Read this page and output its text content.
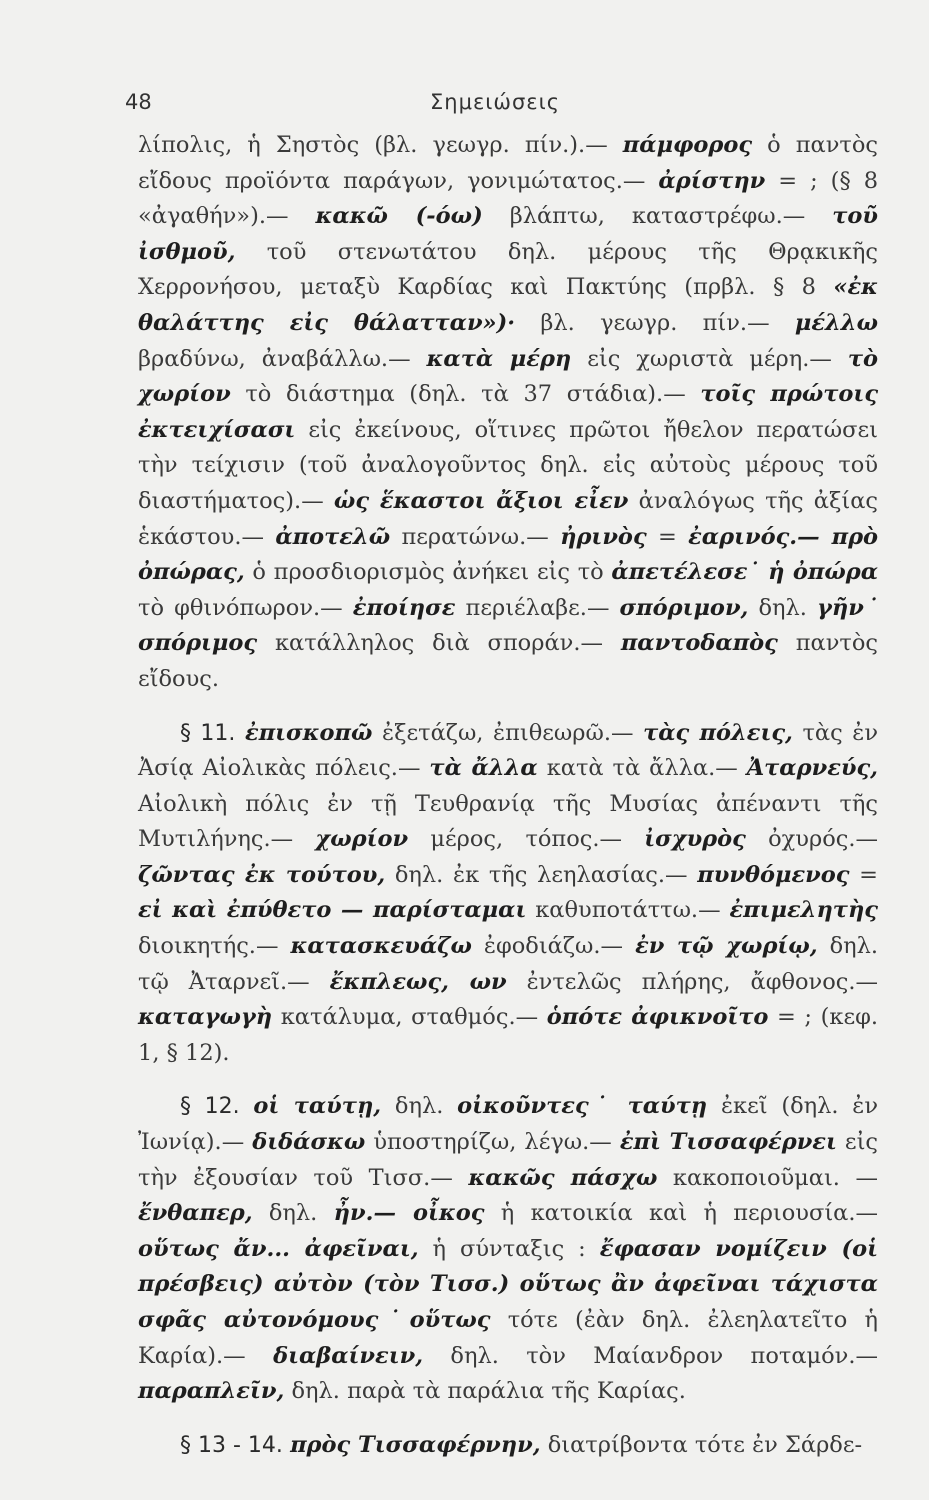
48	Σημειώσεις

λίπολις, ἡ Σηστὸς (βλ. γεωγρ. πίν.).— πάμφορος ὁ παντὸς εἴδους προϊόντα παράγων, γονιμώτατος.— ἀρίστην = ; (§ 8 «ἀγαθήν»).— κακῶ (-όω) βλάπτω, καταστρέφω.— τοῦ ἰσθμοῦ, τοῦ στενωτάτου δηλ. μέρους τῆς Θρᾳκικῆς Χερρονήσου, μεταξὺ Καρδίας καὶ Πακτύης (πρβλ. § 8 «ἐκ θαλάττης εἰς θάλατταν»)· βλ. γεωγρ. πίν.— μέλλω βραδύνω, ἀναβάλλω.— κατὰ μέρη εἰς χωριστὰ μέρη.— τὸ χωρίον τὸ διάστημα (δηλ. τὰ 37 στάδια).— τοῖς πρώτοις ἐκτειχίσασι εἰς ἐκείνους, οἵτινες πρῶτοι ἤθελον περατώσει τὴν τείχισιν (τοῦ ἀναλογοῦντος δηλ. εἰς αὐτοὺς μέρους τοῦ διαστήματος).— ὡς ἕκαστοι ἄξιοι εἶεν ἀναλόγως τῆς ἀξίας ἑκάστου.— ἀποτελῶ περατώνω.— ἠρινὸς = ἐαρινός.— πρὸ ὀπώρας, ὁ προσδιορισμὸς ἀνήκει εἰς τὸ ἀπετέλεσε˙ ἡ ὀπώρα τὸ φθινόπωρον.— ἐποίησε περιέλαβε.— σπόριμον, δηλ. γῆν˙ σπόριμος κατάλληλος διὰ σποράν.— παντοδαπὸς παντὸς εἴδους.

§ 11. ἐπισκοπῶ ἐξετάζω, ἐπιθεωρῶ.— τὰς πόλεις, τὰς ἐν Ἀσίᾳ Αἰολικὰς πόλεις.— τὰ ἄλλα κατὰ τὰ ἄλλα.— Ἀταρνεύς, Αἰολικὴ πόλις ἐν τῇ Τευθρανίᾳ τῆς Μυσίας ἀπέναντι τῆς Μυτιλήνης.— χωρίον μέρος, τόπος.— ἰσχυρὸς ὀχυρός.— ζῶντας ἐκ τούτου, δηλ. ἐκ τῆς λεηλασίας.— πυνθόμενος = εἰ καὶ ἐπύθετο — παρίσταμαι καθυποτάττω.— ἐπιμελητὴς διοικητής.— κατασκευάζω ἐφοδιάζω.— ἐν τῷ χωρίῳ, δηλ. τῷ Ἀταρνεῖ.— ἔκπλεως, ων ἐντελῶς πλήρης, ἄφθονος.— καταγωγὴ κατάλυμα, σταθμός.— ὁπότε ἀφικνοῖτο = ; (κεφ. 1, § 12).

§ 12. οἱ ταύτῃ, δηλ. οἰκοῦντες˙ ταύτῃ ἐκεῖ (δηλ. ἐν Ἰωνίᾳ).— διδάσκω ὑποστηρίζω, λέγω.— ἐπὶ Τισσαφέρνει εἰς τὴν ἐξουσίαν τοῦ Τισσ.— κακῶς πάσχω κακοποιοῦμαι. — ἔνθαπερ, δηλ. ἦν.— οἶκος ἡ κατοικία καὶ ἡ περιουσία.— οὕτως ἄν... ἀφεῖναι, ἡ σύνταξις : ἔφασαν νομίζειν (οἱ πρέσβεις) αὐτὸν (τὸν Τισσ.) οὕτως ἂν ἀφεῖναι τάχιστα σφᾶς αὐτονόμους˙οὕτως τότε (ἐὰν δηλ. ἐλεηλατεῖτο ἡ Καρία).— διαβαίνειν, δηλ. τὸν Μαίανδρον ποταμόν.— παραπλεῖν, δηλ. παρὰ τὰ παράλια τῆς Καρίας.

§ 13 - 14. πρὸς Τισσαφέρνην, διατρίβοντα τότε ἐν Σάρδε-
